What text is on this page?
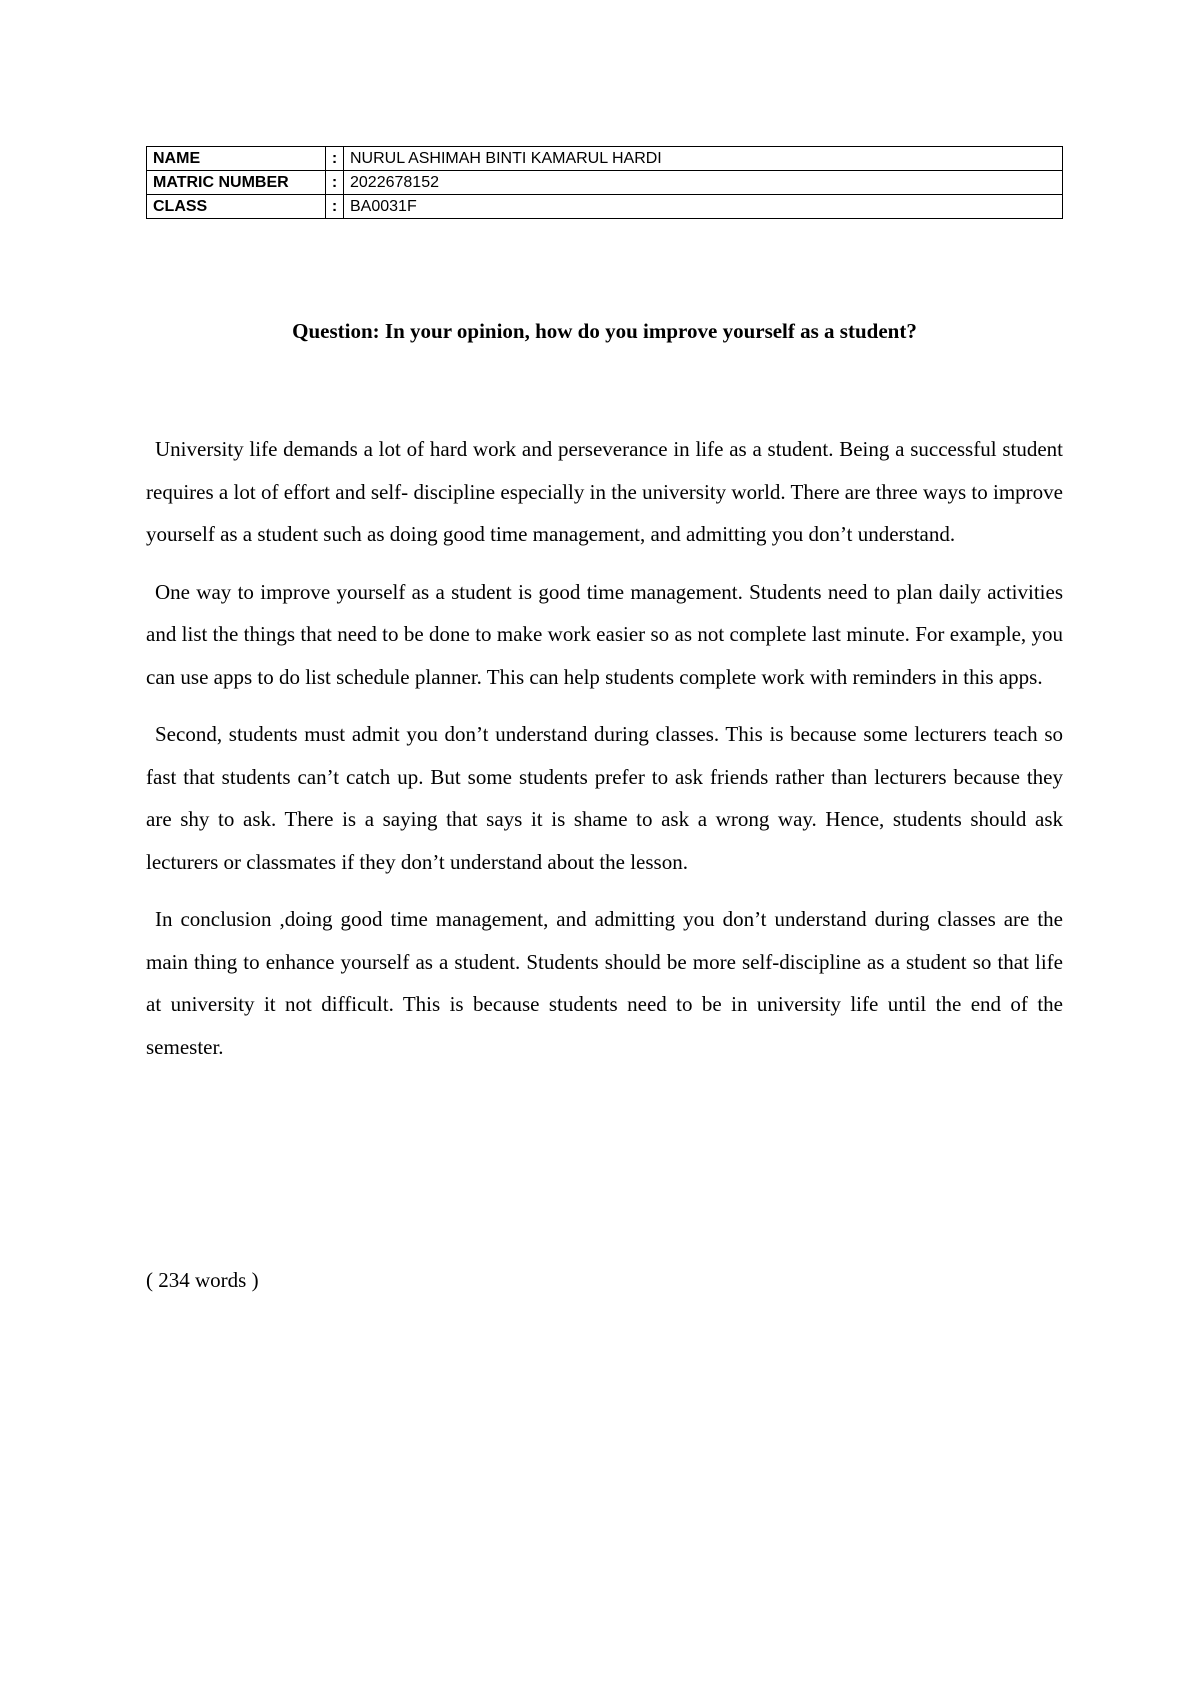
NAME	:	NURUL ASHIMAH BINTI KAMARUL HARDI
MATRIC NUMBER	:	2022678152
CLASS	:	BA0031F

Question: In your opinion, how do you improve yourself as a student?

University life demands a lot of hard work and perseverance in life as a student. Being a successful student requires a lot of effort and self- discipline especially in the university world. There are three ways to improve yourself as a student such as doing good time management, and admitting you don’t understand.

One way to improve yourself as a student is good time management. Students need to plan daily activities and list the things that need to be done to make work easier so as not complete last minute. For example, you can use apps to do list schedule planner. This can help students complete work with reminders in this apps.

Second, students must admit you don’t understand during classes. This is because some lecturers teach so fast that students can’t catch up. But some students prefer to ask friends rather than lecturers because they are shy to ask. There is a saying that says it is shame to ask a wrong way. Hence, students should ask lecturers or classmates if they don’t understand about the lesson.

In conclusion ,doing good time management, and admitting you don’t understand during classes are the main thing to enhance yourself as a student. Students should be more self-discipline as a student so that life at university it not difficult. This is because students need to be in university life until the end of the semester.

( 234 words )
